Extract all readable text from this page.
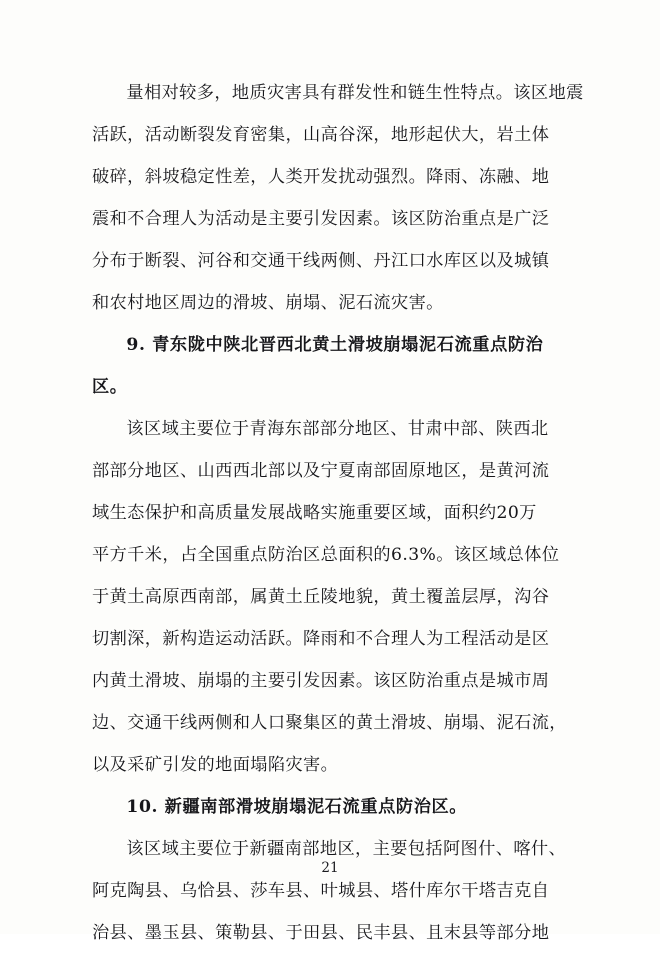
量相对较多，地质灾害具有群发性和链生性特点。该区地震

活跃，活动断裂发育密集，山高谷深，地形起伏大，岩土体

破碎，斜坡稳定性差，人类开发扰动强烈。降雨、冻融、地

震和不合理人为活动是主要引发因素。该区防治重点是广泛

分布于断裂、河谷和交通干线两侧、丹江口水库区以及城镇

和农村地区周边的滑坡、崩塌、泥石流灾害。

9. 青东陇中陕北晋西北黄土滑坡崩塌泥石流重点防治

区。

该区域主要位于青海东部部分地区、甘肃中部、陕西北

部部分地区、山西西北部以及宁夏南部固原地区，是黄河流

域生态保护和高质量发展战略实施重要区域，面积约20万

平方千米，占全国重点防治区总面积的6.3%。该区域总体位

于黄土高原西南部，属黄土丘陵地貌，黄土覆盖层厚，沟谷

切割深，新构造运动活跃。降雨和不合理人为工程活动是区

内黄土滑坡、崩塌的主要引发因素。该区防治重点是城市周

边、交通干线两侧和人口聚集区的黄土滑坡、崩塌、泥石流，

以及采矿引发的地面塌陷灾害。

10. 新疆南部滑坡崩塌泥石流重点防治区。

该区域主要位于新疆南部地区，主要包括阿图什、喀什、

阿克陶县、乌恰县、莎车县、叶城县、塔什库尔干塔吉克自

治县、墨玉县、策勒县、于田县、民丰县、且末县等部分地

21
